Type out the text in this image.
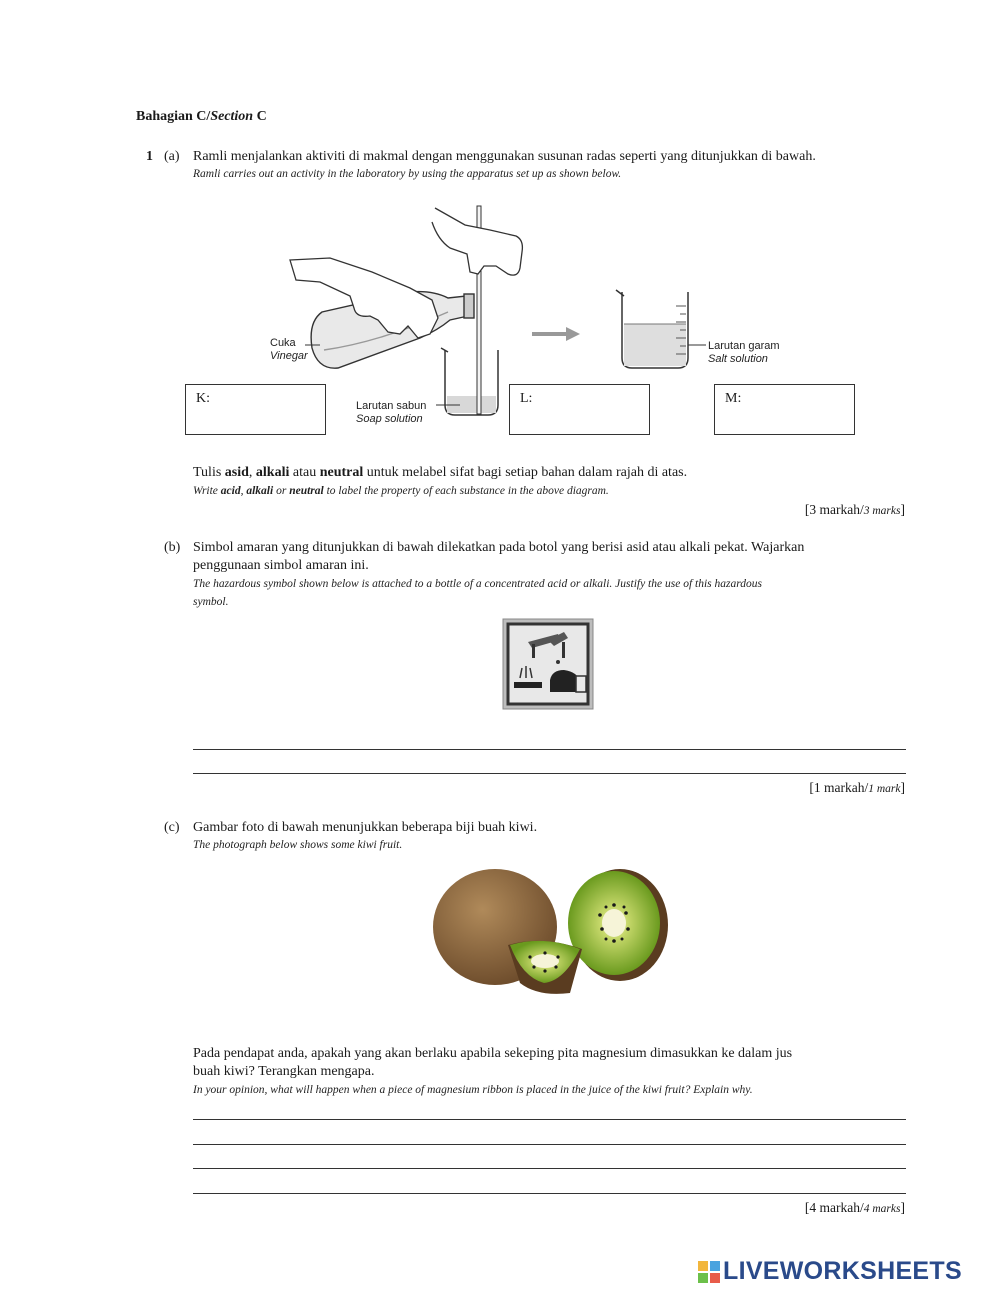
Bahagian C/Section C
1 (a) Ramli menjalankan aktiviti di makmal dengan menggunakan susunan radas seperti yang ditunjukkan di bawah.
Ramli carries out an activity in the laboratory by using the apparatus set up as shown below.
Cuka
Vinegar
Larutan sabun
Soap solution
Larutan garam
Salt solution
K:	L:	M:
Tulis asid, alkali atau neutral untuk melabel sifat bagi setiap bahan dalam rajah di atas.
Write acid, alkali or neutral to label the property of each substance in the above diagram.
[3 markah/3 marks]
(b) Simbol amaran yang ditunjukkan di bawah dilekatkan pada botol yang berisi asid atau alkali pekat. Wajarkan
penggunaan simbol amaran ini.
The hazardous symbol shown below is attached to a bottle of a concentrated acid or alkali. Justify the use of this hazardous
symbol.
[1 markah/1 mark]
(c) Gambar foto di bawah menunjukkan beberapa biji buah kiwi.
The photograph below shows some kiwi fruit.
Pada pendapat anda, apakah yang akan berlaku apabila sekeping pita magnesium dimasukkan ke dalam jus
buah kiwi? Terangkan mengapa.
In your opinion, what will happen when a piece of magnesium ribbon is placed in the juice of the kiwi fruit? Explain why.
[4 markah/4 marks]
LIVEWORKSHEETS
